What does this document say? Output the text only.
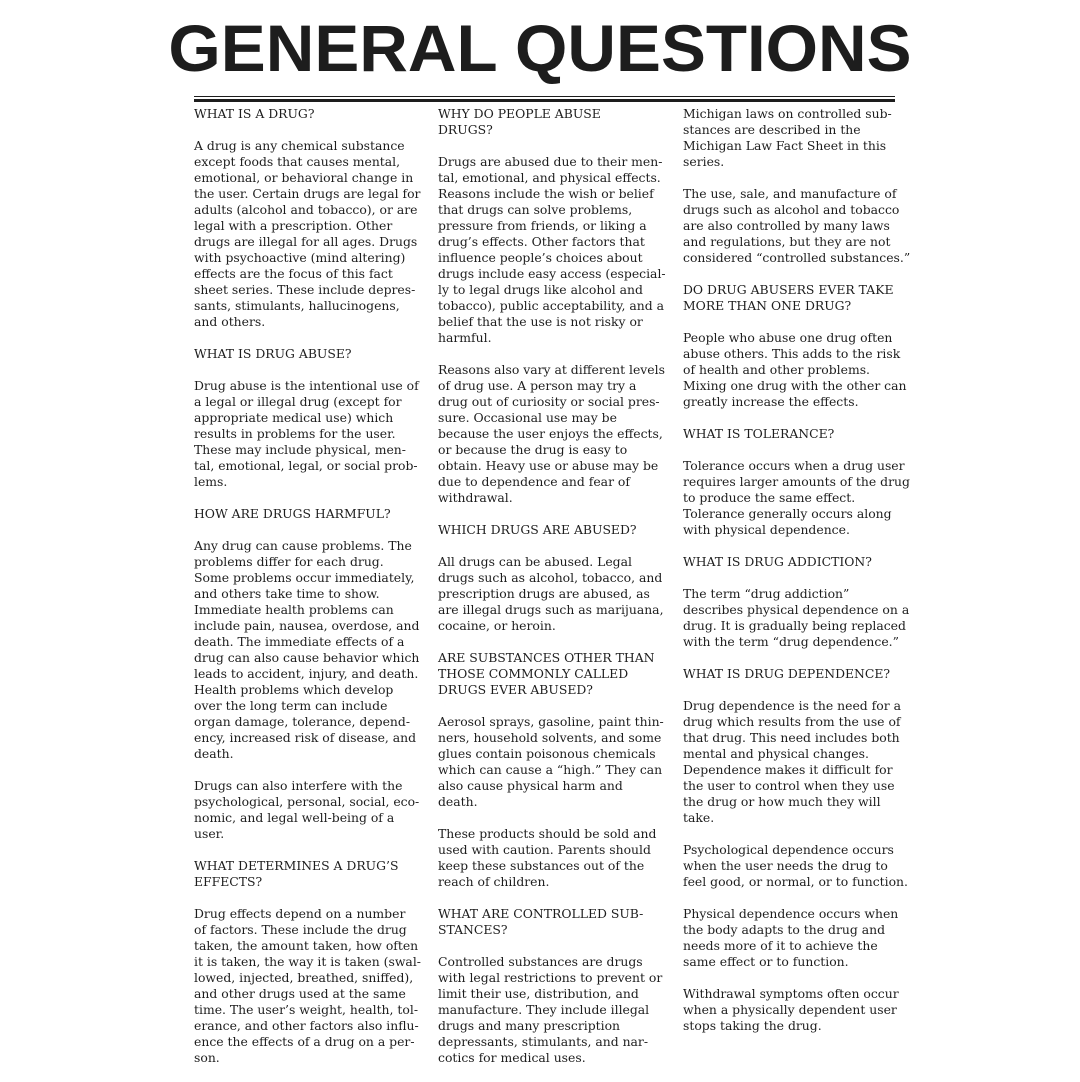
GENERAL QUESTIONS

WHAT IS A DRUG?

A drug is any chemical substance
except foods that causes mental,
emotional, or behavioral change in
the user. Certain drugs are legal for
adults (alcohol and tobacco), or are
legal with a prescription. Other
drugs are illegal for all ages. Drugs
with psychoactive (mind altering)
effects are the focus of this fact
sheet series. These include depres-
sants, stimulants, hallucinogens,
and others.

WHAT IS DRUG ABUSE?

Drug abuse is the intentional use of
a legal or illegal drug (except for
appropriate medical use) which
results in problems for the user.
These may include physical, men-
tal, emotional, legal, or social prob-
lems.

HOW ARE DRUGS HARMFUL?

Any drug can cause problems. The
problems differ for each drug.
Some problems occur immediately,
and others take time to show.
Immediate health problems can
include pain, nausea, overdose, and
death. The immediate effects of a
drug can also cause behavior which
leads to accident, injury, and death.
Health problems which develop
over the long term can include
organ damage, tolerance, depend-
ency, increased risk of disease, and
death.

Drugs can also interfere with the
psychological, personal, social, eco-
nomic, and legal well-being of a
user.

WHAT DETERMINES A DRUG’S
EFFECTS?

Drug effects depend on a number
of factors. These include the drug
taken, the amount taken, how often
it is taken, the way it is taken (swal-
lowed, injected, breathed, sniffed),
and other drugs used at the same
time. The user’s weight, health, tol-
erance, and other factors also influ-
ence the effects of a drug on a per-
son.

WHY DO PEOPLE ABUSE
DRUGS?

Drugs are abused due to their men-
tal, emotional, and physical effects.
Reasons include the wish or belief
that drugs can solve problems,
pressure from friends, or liking a
drug’s effects. Other factors that
influence people’s choices about
drugs include easy access (especial-
ly to legal drugs like alcohol and
tobacco), public acceptability, and a
belief that the use is not risky or
harmful.

Reasons also vary at different levels
of drug use. A person may try a
drug out of curiosity or social pres-
sure. Occasional use may be
because the user enjoys the effects,
or because the drug is easy to
obtain. Heavy use or abuse may be
due to dependence and fear of
withdrawal.

WHICH DRUGS ARE ABUSED?

All drugs can be abused. Legal
drugs such as alcohol, tobacco, and
prescription drugs are abused, as
are illegal drugs such as marijuana,
cocaine, or heroin.

ARE SUBSTANCES OTHER THAN
THOSE COMMONLY CALLED
DRUGS EVER ABUSED?

Aerosol sprays, gasoline, paint thin-
ners, household solvents, and some
glues contain poisonous chemicals
which can cause a “high.” They can
also cause physical harm and
death.

These products should be sold and
used with caution. Parents should
keep these substances out of the
reach of children.

WHAT ARE CONTROLLED SUB-
STANCES?

Controlled substances are drugs
with legal restrictions to prevent or
limit their use, distribution, and
manufacture. They include illegal
drugs and many prescription
depressants, stimulants, and nar-
cotics for medical uses.

Michigan laws on controlled sub-
stances are described in the
Michigan Law Fact Sheet in this
series.

The use, sale, and manufacture of
drugs such as alcohol and tobacco
are also controlled by many laws
and regulations, but they are not
considered “controlled substances.”

DO DRUG ABUSERS EVER TAKE
MORE THAN ONE DRUG?

People who abuse one drug often
abuse others. This adds to the risk
of health and other problems.
Mixing one drug with the other can
greatly increase the effects.

WHAT IS TOLERANCE?

Tolerance occurs when a drug user
requires larger amounts of the drug
to produce the same effect.
Tolerance generally occurs along
with physical dependence.

WHAT IS DRUG ADDICTION?

The term “drug addiction”
describes physical dependence on a
drug. It is gradually being replaced
with the term “drug dependence.”

WHAT IS DRUG DEPENDENCE?

Drug dependence is the need for a
drug which results from the use of
that drug. This need includes both
mental and physical changes.
Dependence makes it difficult for
the user to control when they use
the drug or how much they will
take.

Psychological dependence occurs
when the user needs the drug to
feel good, or normal, or to function.

Physical dependence occurs when
the body adapts to the drug and
needs more of it to achieve the
same effect or to function.

Withdrawal symptoms often occur
when a physically dependent user
stops taking the drug.
